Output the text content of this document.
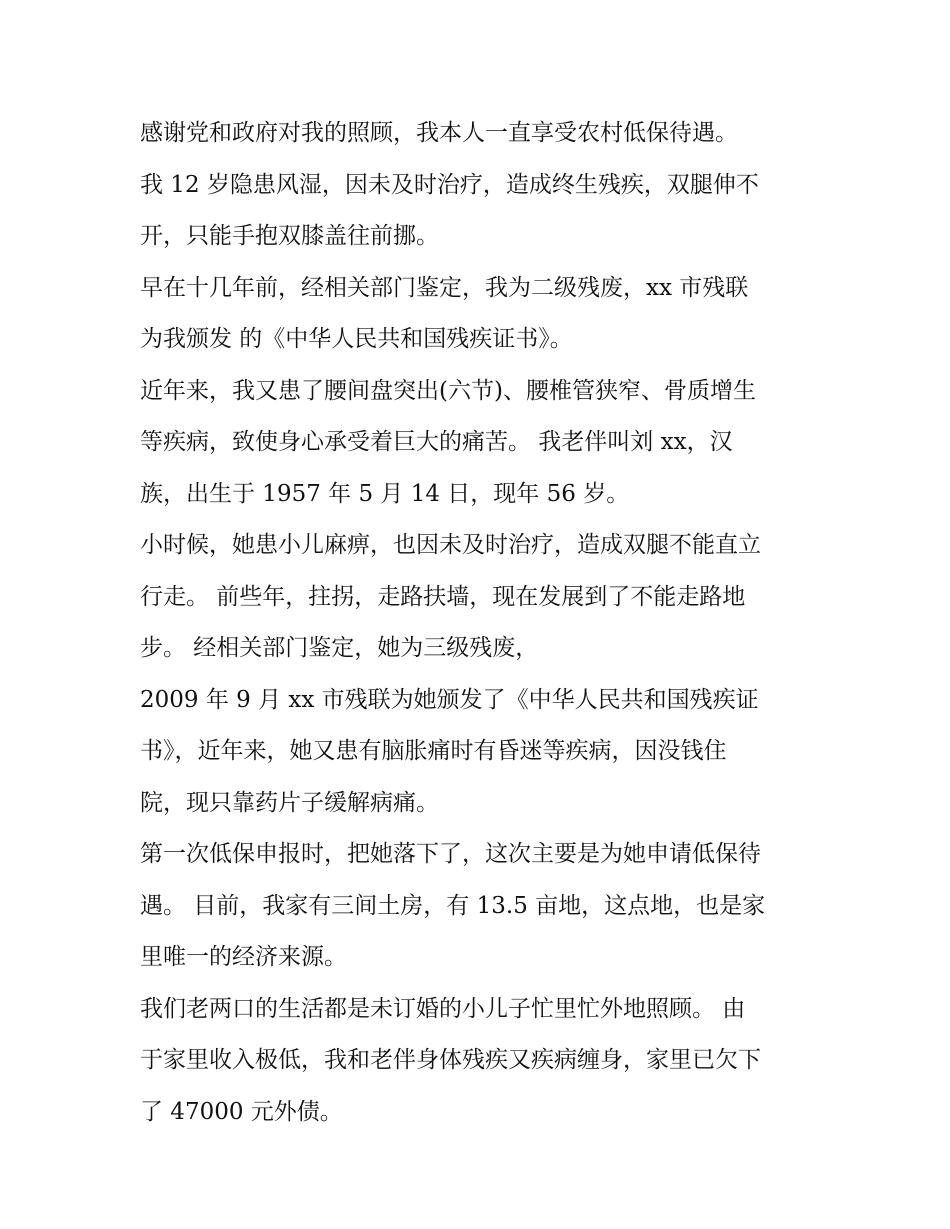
感谢党和政府对我的照顾，我本人一直享受农村低保待遇。
我 12 岁隐患风湿，因未及时治疗，造成终生残疾，双腿伸不
开，只能手抱双膝盖往前挪。
早在十几年前，经相关部门鉴定，我为二级残废，xx 市残联
为我颁发 的《中华人民共和国残疾证书》。
近年来，我又患了腰间盘突出(六节)、腰椎管狭窄、骨质增生
等疾病，致使身心承受着巨大的痛苦。 我老伴叫刘 xx，汉
族，出生于 1957 年 5 月 14 日，现年 56 岁。
小时候，她患小儿麻痹，也因未及时治疗，造成双腿不能直立
行走。 前些年，拄拐，走路扶墙，现在发展到了不能走路地
步。 经相关部门鉴定，她为三级残废，
2009 年 9 月 xx 市残联为她颁发了《中华人民共和国残疾证
书》，近年来，她又患有脑胀痛时有昏迷等疾病，因没钱住
院，现只靠药片子缓解病痛。
第一次低保申报时，把她落下了，这次主要是为她申请低保待
遇。 目前，我家有三间土房，有 13.5 亩地，这点地，也是家
里唯一的经济来源。
我们老两口的生活都是未订婚的小儿子忙里忙外地照顾。 由
于家里收入极低，我和老伴身体残疾又疾病缠身，家里已欠下
了 47000 元外债。
